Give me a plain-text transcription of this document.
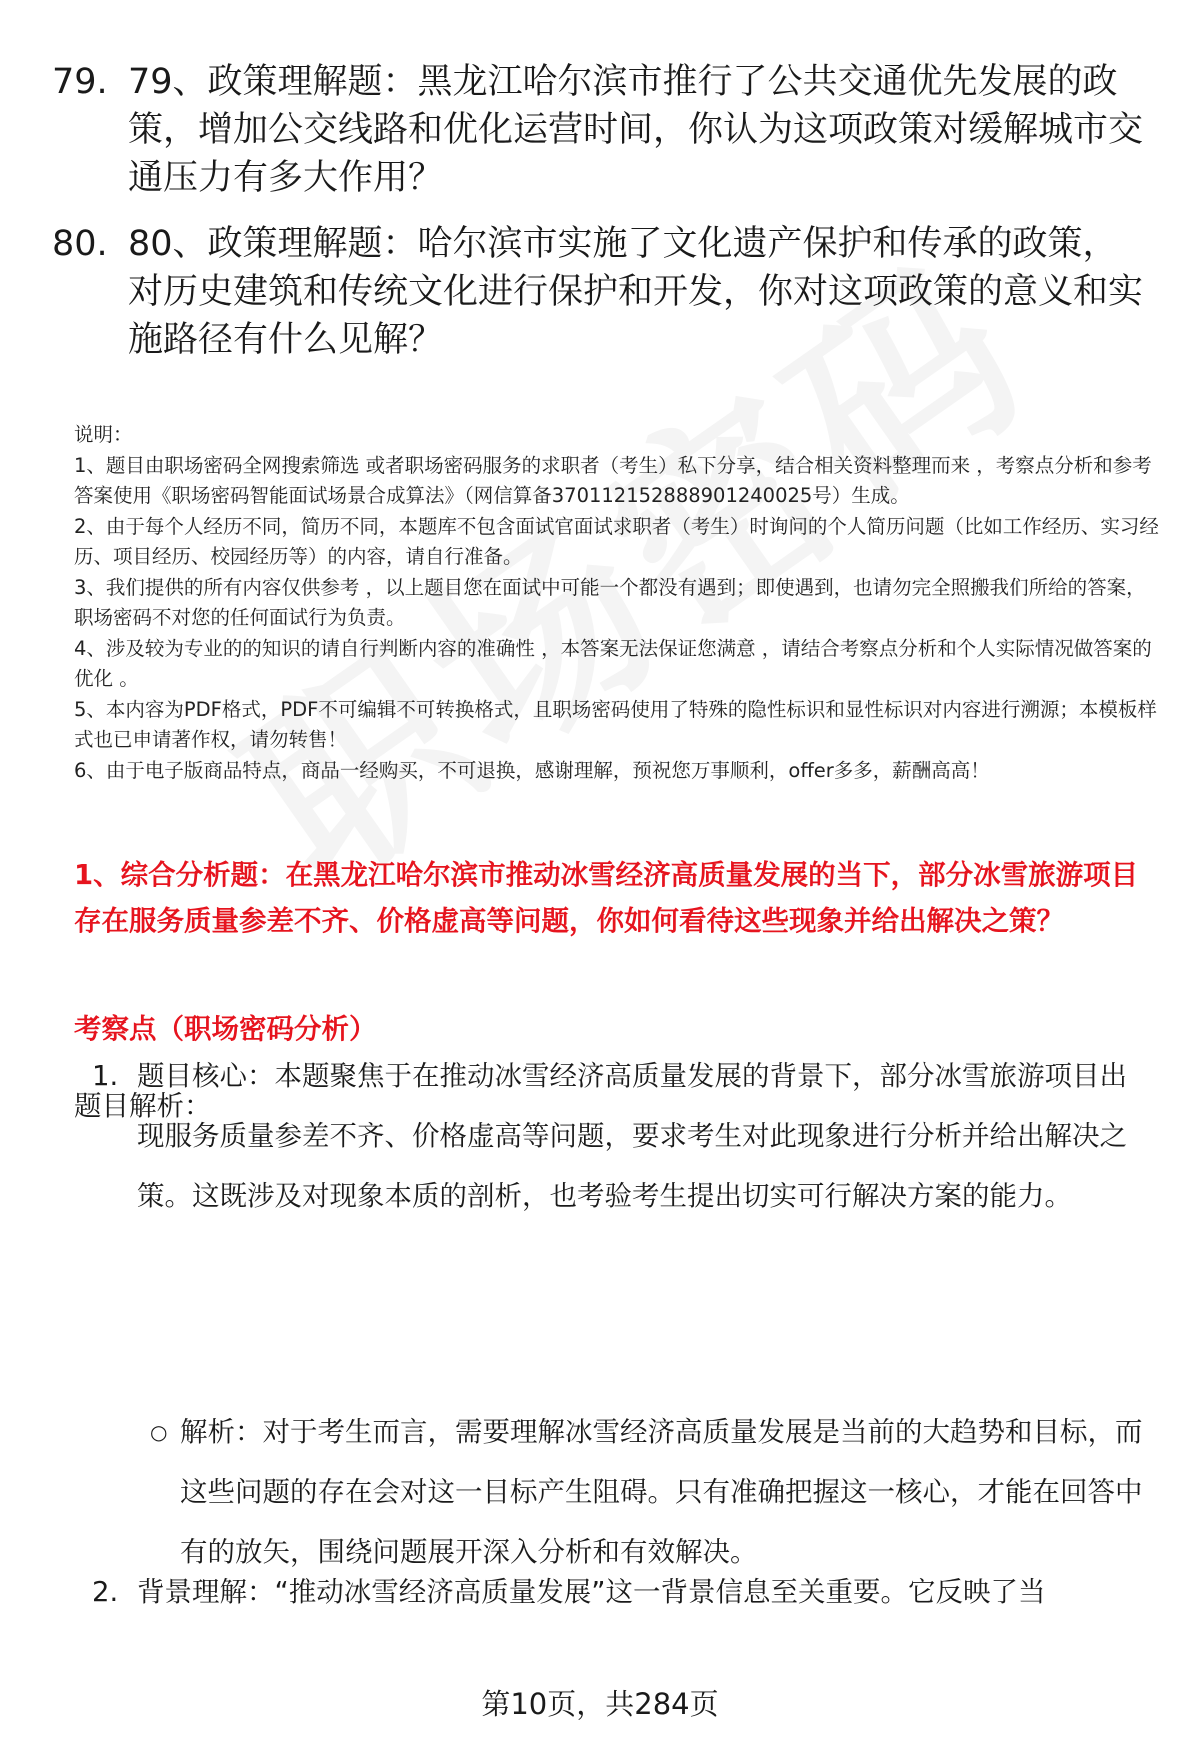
79. 79、政策理解题：黑龙江哈尔滨市推行了公共交通优先发展的政策，增加公交线路和优化运营时间，你认为这项政策对缓解城市交通压力有多大作用？
80. 80、政策理解题：哈尔滨市实施了文化遗产保护和传承的政策，对历史建筑和传统文化进行保护和开发，你对这项政策的意义和实施路径有什么见解？

说明：

1、题目由职场密码全网搜索筛选 或者职场密码服务的求职者（考生）私下分享，结合相关资料整理而来 ，考察点分析和参考答案使用《职场密码智能面试场景合成算法》（网信算备370112152888901240025号）生成。

2、由于每个人经历不同，简历不同，本题库不包含面试官面试求职者（考生）时询问的个人简历问题（比如工作经历、实习经历、项目经历、校园经历等）的内容，请自行准备。

3、我们提供的所有内容仅供参考 ，以上题目您在面试中可能一个都没有遇到；即使遇到，也请勿完全照搬我们所给的答案，职场密码不对您的任何面试行为负责。

4、涉及较为专业的的知识的请自行判断内容的准确性 ，本答案无法保证您满意 ，请结合考察点分析和个人实际情况做答案的优化 。

5、本内容为PDF格式，PDF不可编辑不可转换格式，且职场密码使用了特殊的隐性标识和显性标识对内容进行溯源；本模板样式也已申请著作权，请勿转售！

6、由于电子版商品特点，商品一经购买，不可退换，感谢理解，预祝您万事顺利，offer多多，薪酬高高！

1、综合分析题：在黑龙江哈尔滨市推动冰雪经济高质量发展的当下，部分冰雪旅游项目存在服务质量参差不齐、价格虚高等问题，你如何看待这些现象并给出解决之策？
考察点（职场密码分析）
题目解析：
1. 题目核心：本题聚焦于在推动冰雪经济高质量发展的背景下，部分冰雪旅游项目出现服务质量参差不齐、价格虚高等问题，要求考生对此现象进行分析并给出解决之策。这既涉及对现象本质的剖析，也考验考生提出切实可行解决方案的能力。
○ 解析：对于考生而言，需要理解冰雪经济高质量发展是当前的大趋势和目标，而这些问题的存在会对这一目标产生阻碍。只有准确把握这一核心，才能在回答中有的放矢，围绕问题展开深入分析和有效解决。
2. 背景理解：“推动冰雪经济高质量发展”这一背景信息至关重要。它反映了当
第10页，共284页
